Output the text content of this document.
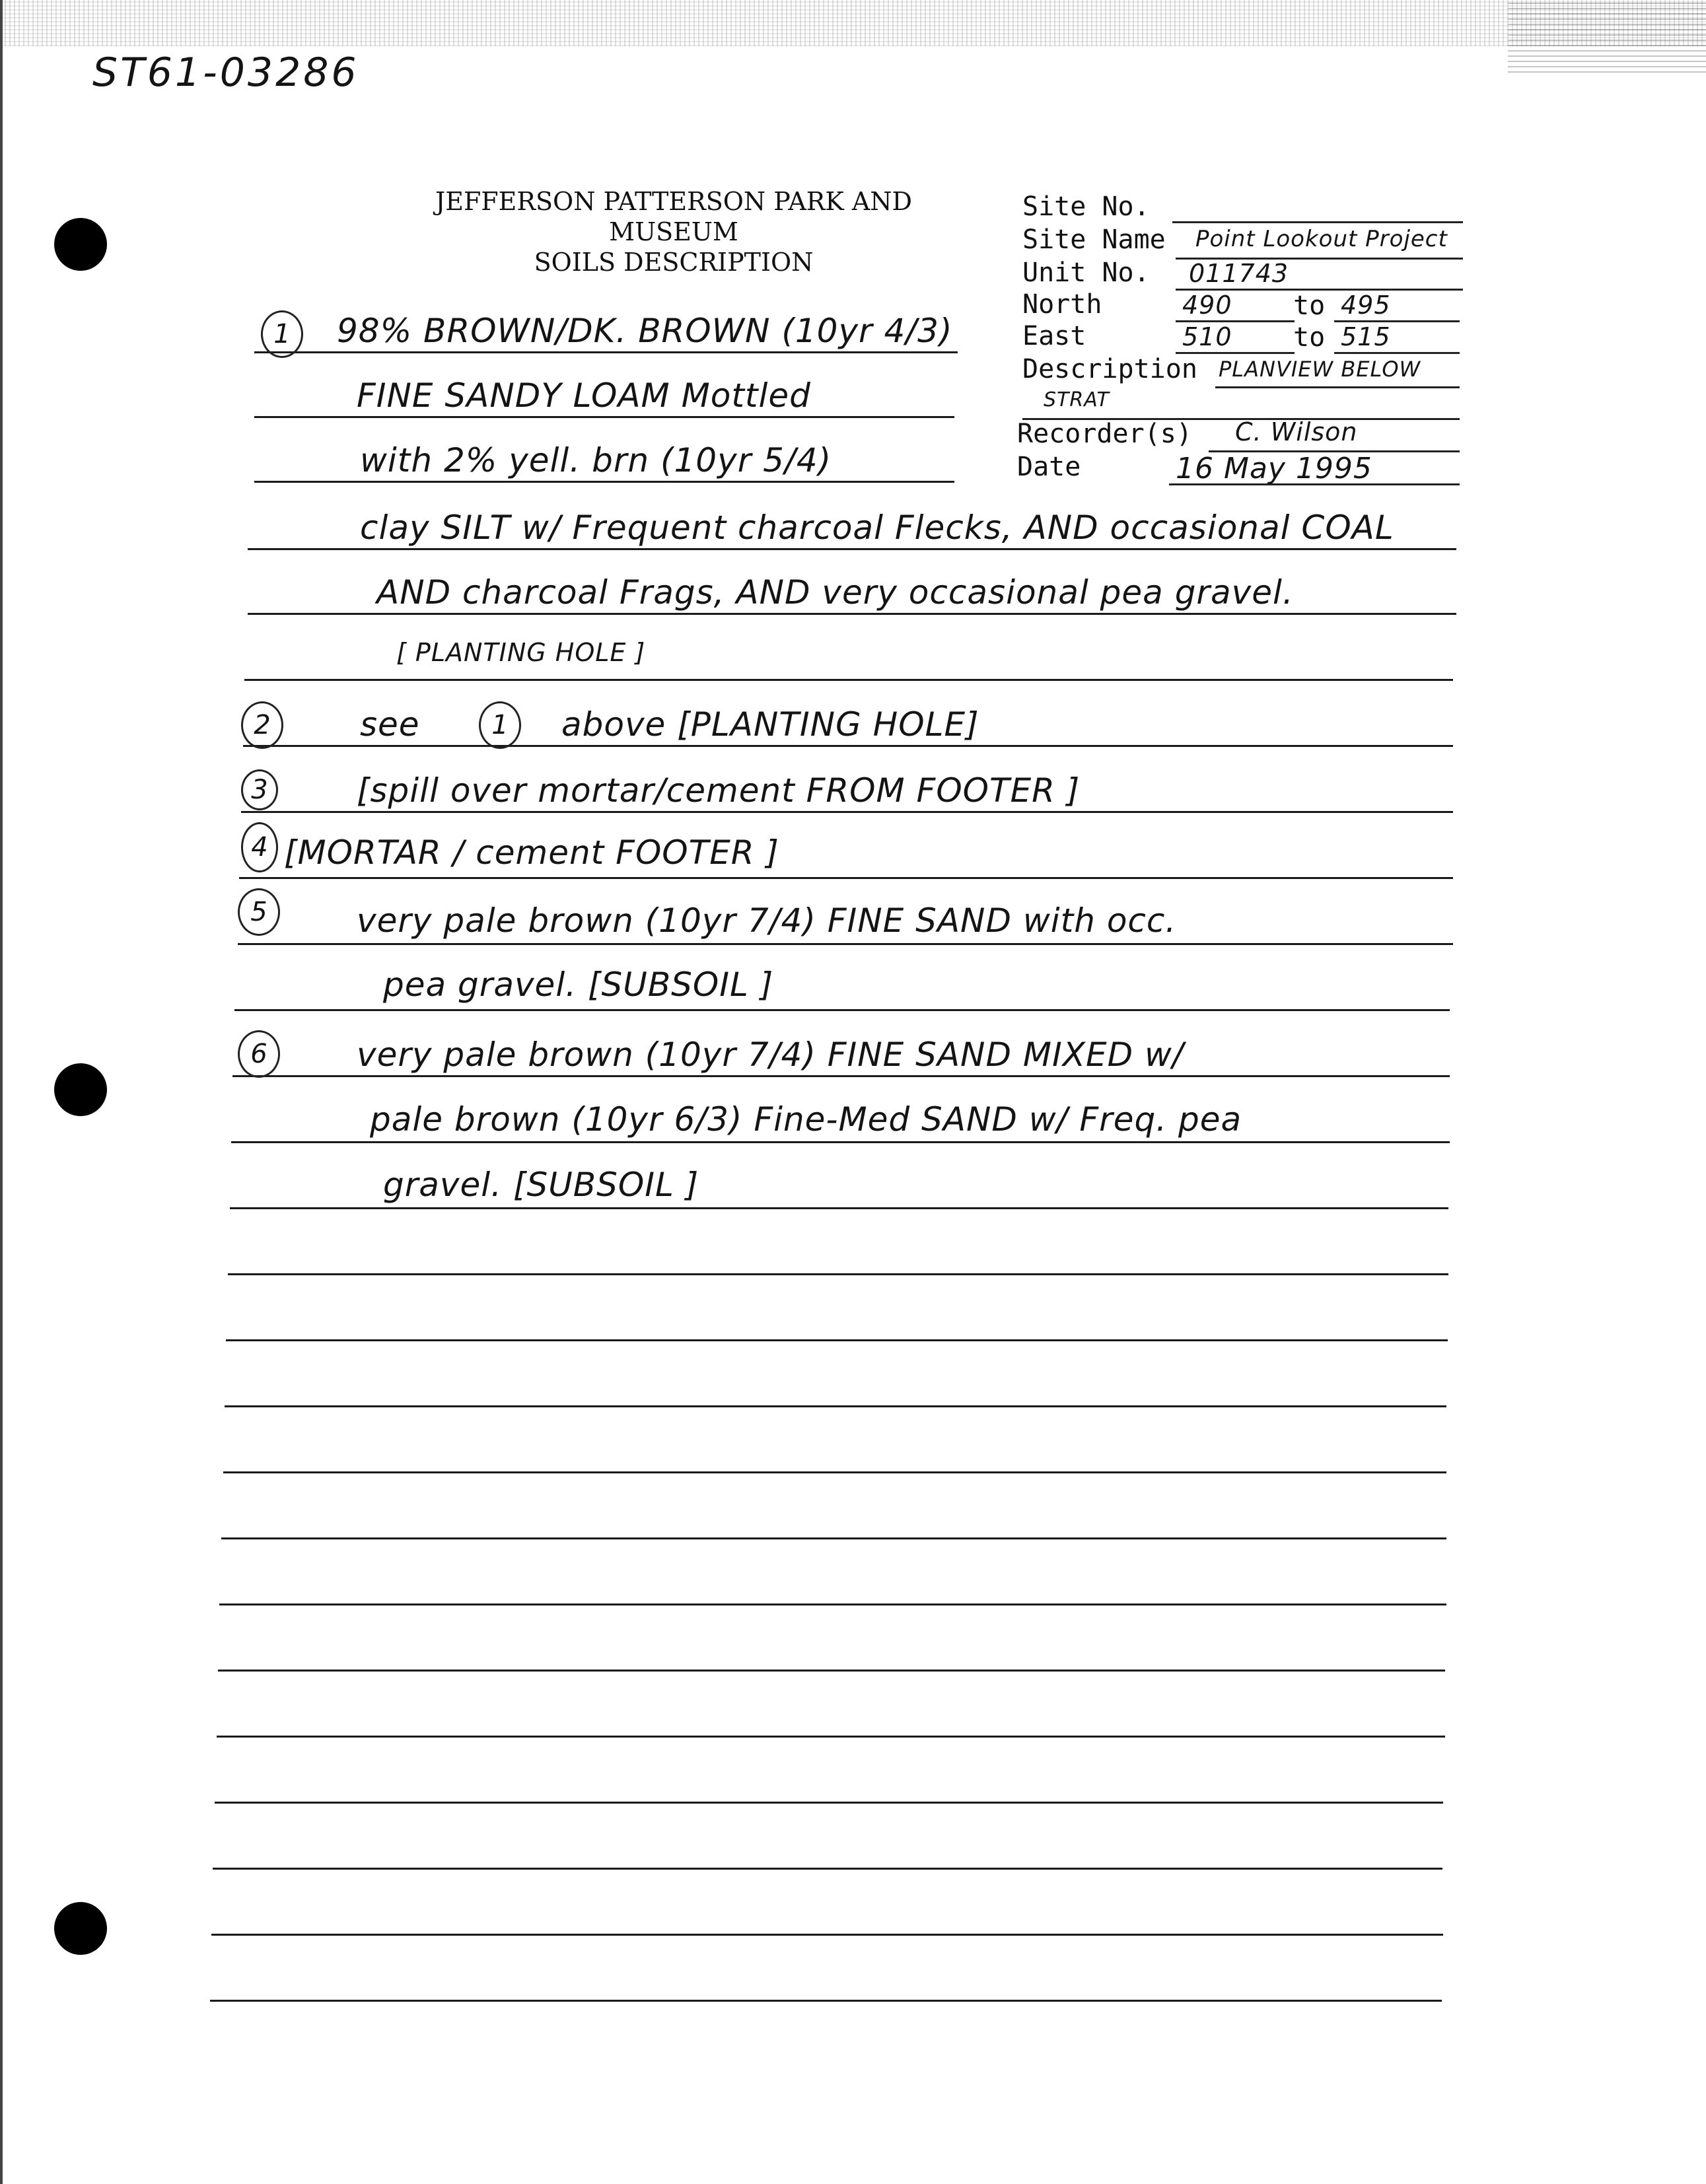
ST61-03286
JEFFERSON PATTERSON PARK AND MUSEUM
SOILS DESCRIPTION
Site No.
Site Name Point Lookout Project
Unit No. 011743
North	490 to 495
East	510 to 515
Description PLANVIEW BELOW
STRAT
Recorder(s) C. Wilson
Date	16 May 1995
1 98% BROWN/DK. BROWN (10yr 4/3)
FINE SANDY LOAM Mottled
with 2% yell. brn (10yr 5/4)
clay SILT w/ Frequent charcoal Flecks, AND occasional COAL
AND charcoal Frags, AND very occasional pea gravel.
[ PLANTING HOLE ]
2	see	1 above [PLANTING HOLE]
3	[spill over mortar/cement FROM FOOTER ]
4 [MORTAR / cement FOOTER ]
5	very pale brown (10yr 7/4) FINE SAND with occ.
pea gravel. [SUBSOIL ]
6	very pale brown (10yr 7/4) FINE SAND MIXED w/
pale brown (10yr 6/3) Fine-Med SAND w/ Freq. pea
gravel. [SUBSOIL ]
